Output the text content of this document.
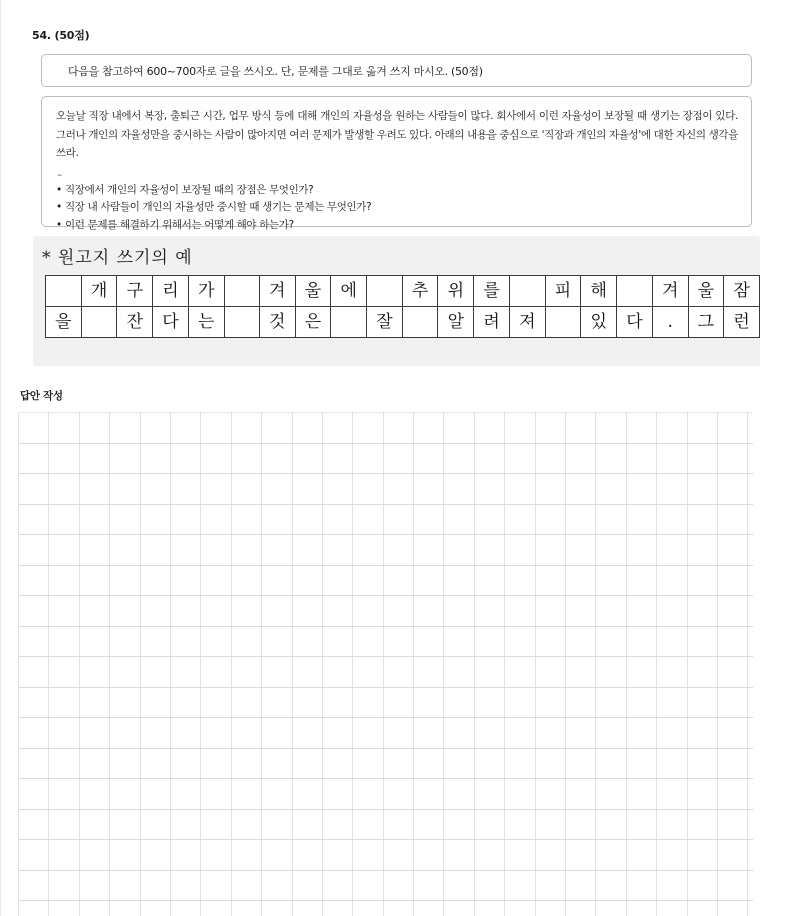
54. (50점)
다음을 참고하여 600~700자로 글을 쓰시오. 단, 문제를 그대로 옮겨 쓰지 마시오. (50점)

오늘날 직장 내에서 복장, 출퇴근 시간, 업무 방식 등에 대해 개인의 자율성을 원하는 사람들이 많다. 회사에서 이런 자율성이 보장될 때 생기는 장점이 있다. 그러나 개인의 자율성만을 중시하는 사람이 많아지면 여러 문제가 발생할 우려도 있다. 아래의 내용을 중심으로 '직장과 개인의 자율성'에 대한 자신의 생각을 쓰라.

–
• 직장에서 개인의 자율성이 보장될 때의 장점은 무엇인가?
• 직장 내 사람들이 개인의 자율성만 중시할 때 생기는 문제는 무엇인가?
• 이런 문제를 해결하기 위해서는 어떻게 해야 하는가?
* 원고지 쓰기의 예
	개	구	리	가		겨	울	에		추	위	를		피	해		겨	울	잠
을		잔	다	는		것	은		잘		알	려	져		있	다	.	그	런
답안 작성
